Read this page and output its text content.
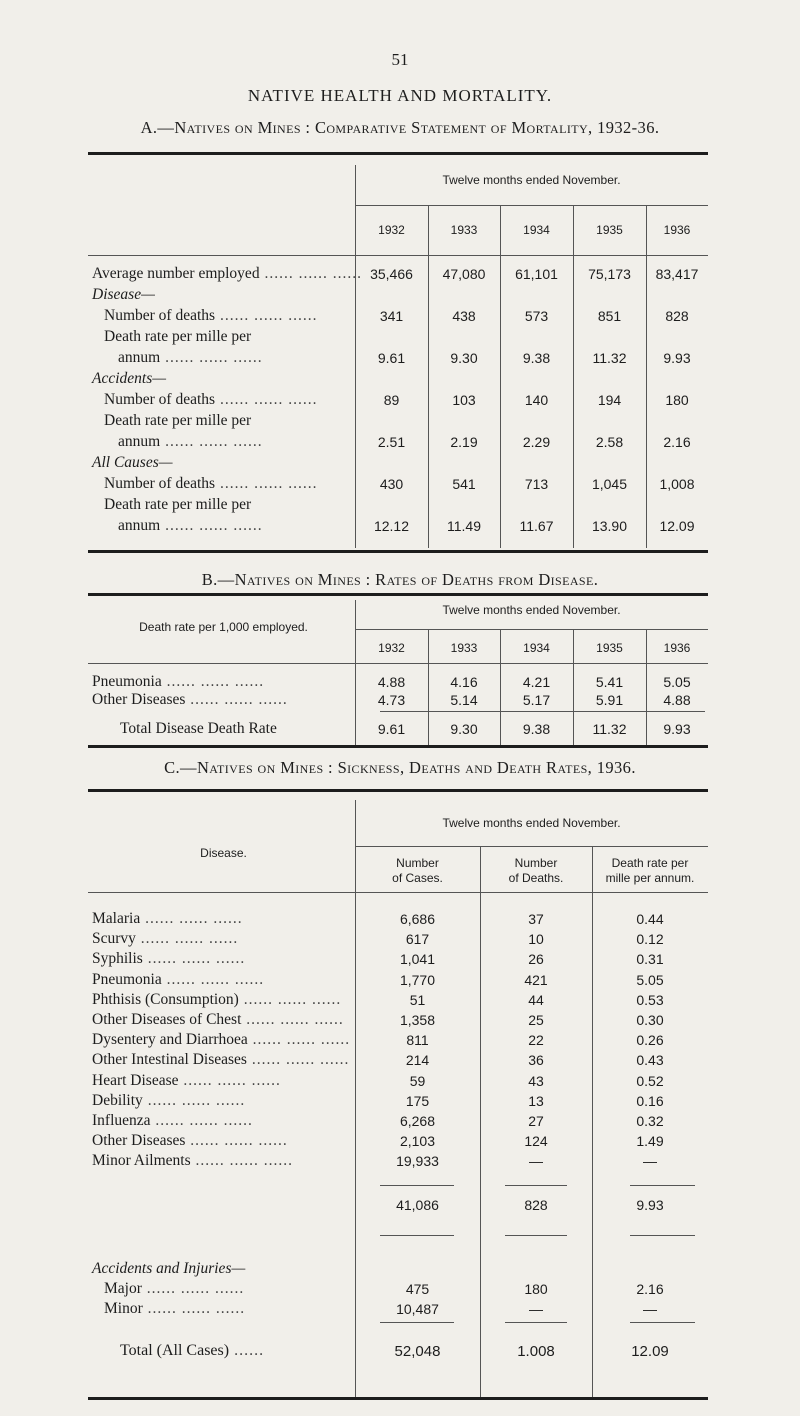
51
NATIVE HEALTH AND MORTALITY.
A.—Natives on Mines : Comparative Statement of Mortality, 1932-36.
Twelve months ended November.
1932	1933	1934	1935	1936
Average number employed ...... ...... ...... 35,466	47,080	61,101	75,173	83,417
Disease—
Number of deaths ...... ...... ......	341	438	573	851	828
Death rate per mille per
annum ...... ...... ......	9.61	9.30	9.38	11.32	9.93
Accidents—
Number of deaths ...... ...... ......	89	103	140	194	180
Death rate per mille per
annum ...... ...... ......	2.51	2.19	2.29	2.58	2.16
All Causes—
Number of deaths ...... ...... ......	430	541	713	1,045	1,008
Death rate per mille per
annum ...... ...... ......	12.12	11.49	11.67	13.90	12.09
B.—Natives on Mines : Rates of Deaths from Disease.
Death rate per 1,000 employed.
Twelve months ended November.
1932	1933	1934	1935	1936
Pneumonia ...... ...... ......	4.88	4.16	4.21	5.41	5.05
Other Diseases ...... ...... ......	4.73	5.14	5.17	5.91	4.88
Total Disease Death Rate	9.61	9.30	9.38	11.32	9.93
C.—Natives on Mines : Sickness, Deaths and Death Rates, 1936.
Disease.
Twelve months ended November.
Number
of Cases.
Number
of Deaths.
Death rate per
mille per annum.
Malaria ...... ...... ......	6,686	37	0.44
Scurvy ...... ...... ......	617	10	0.12
Syphilis ...... ...... ......	1,041	26	0.31
Pneumonia ...... ...... ......	1,770	421	5.05
Phthisis (Consumption) ...... ...... ......	51	44	0.53
Other Diseases of Chest ...... ...... ......	1,358	25	0.30
Dysentery and Diarrhoea ...... ...... ......	811	22	0.26
Other Intestinal Diseases ...... ...... ......	214	36	0.43
Heart Disease ...... ...... ......	59	43	0.52
Debility ...... ...... ......	175	13	0.16
Influenza ...... ...... ......	6,268	27	0.32
Other Diseases ...... ...... ......	2,103	124	1.49
Minor Ailments ...... ...... ......	19,933	—	—
41,086	828	9.93
Accidents and Injuries—
Major ...... ...... ......	475	180	2.16
Minor ...... ...... ......	10,487	—	—
Total (All Cases) ......	52,048	1.008	12.09
